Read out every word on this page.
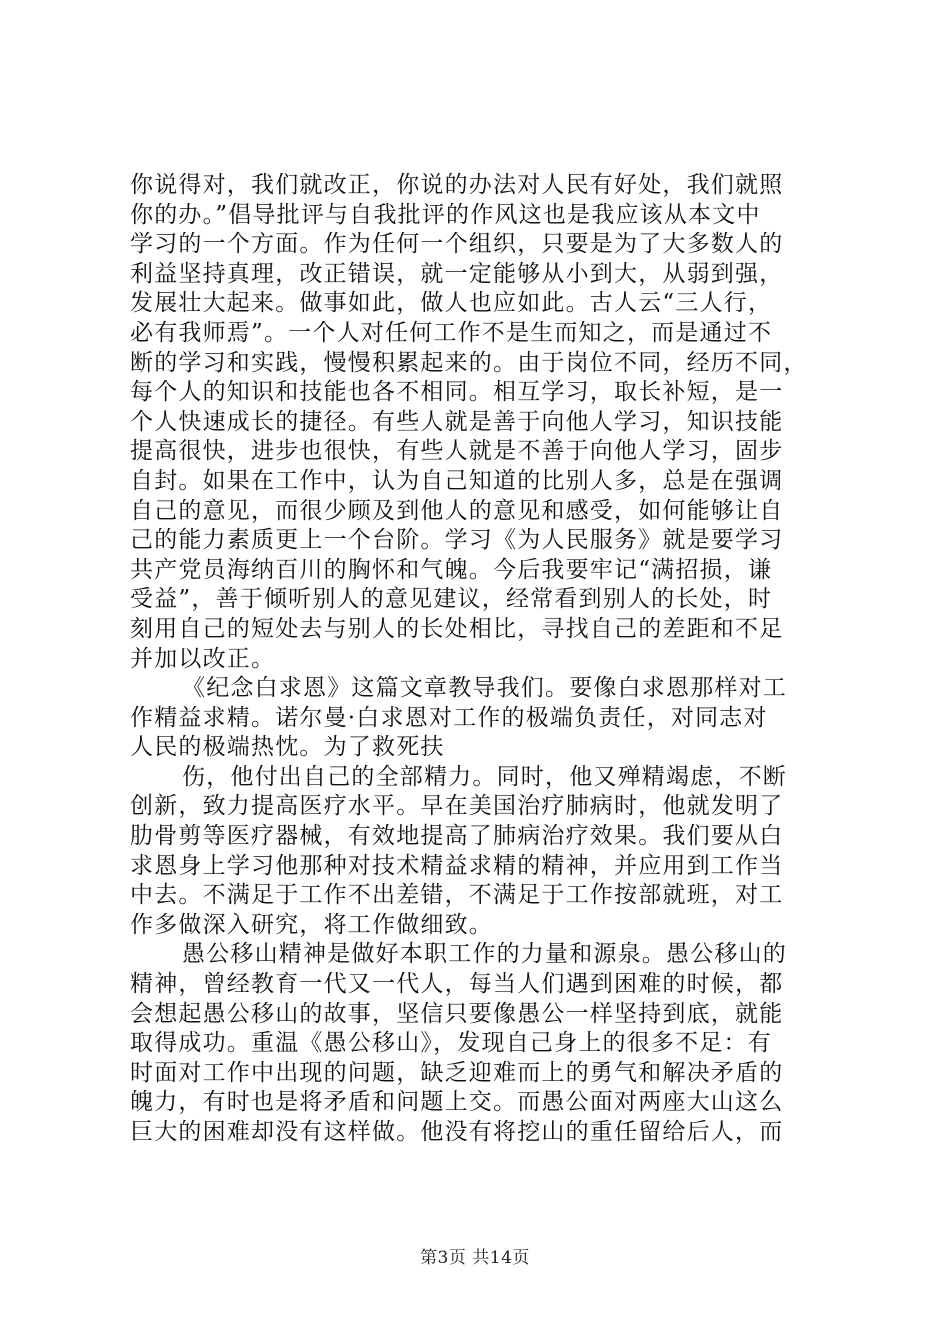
你说得对，我们就改正，你说的办法对人民有好处，我们就照
你的办。”倡导批评与自我批评的作风这也是我应该从本文中
学习的一个方面。作为任何一个组织，只要是为了大多数人的
利益坚持真理，改正错误，就一定能够从小到大，从弱到强，
发展壮大起来。做事如此，做人也应如此。古人云“三人行，
必有我师焉”。一个人对任何工作不是生而知之，而是通过不
断的学习和实践，慢慢积累起来的。由于岗位不同，经历不同，
每个人的知识和技能也各不相同。相互学习，取长补短，是一
个人快速成长的捷径。有些人就是善于向他人学习，知识技能
提高很快，进步也很快，有些人就是不善于向他人学习，固步
自封。如果在工作中，认为自己知道的比别人多，总是在强调
自己的意见，而很少顾及到他人的意见和感受，如何能够让自
己的能力素质更上一个台阶。学习《为人民服务》就是要学习
共产党员海纳百川的胸怀和气魄。今后我要牢记“满招损，谦
受益”，善于倾听别人的意见建议，经常看到别人的长处，时
刻用自己的短处去与别人的长处相比，寻找自己的差距和不足
并加以改正。
《纪念白求恩》这篇文章教导我们。要像白求恩那样对工
作精益求精。诺尔曼·白求恩对工作的极端负责任，对同志对
人民的极端热忱。为了救死扶
伤，他付出自己的全部精力。同时，他又殚精竭虑，不断
创新，致力提高医疗水平。早在美国治疗肺病时，他就发明了
肋骨剪等医疗器械，有效地提高了肺病治疗效果。我们要从白
求恩身上学习他那种对技术精益求精的精神，并应用到工作当
中去。不满足于工作不出差错，不满足于工作按部就班，对工
作多做深入研究，将工作做细致。
愚公移山精神是做好本职工作的力量和源泉。愚公移山的
精神，曾经教育一代又一代人，每当人们遇到困难的时候，都
会想起愚公移山的故事，坚信只要像愚公一样坚持到底，就能
取得成功。重温《愚公移山》，发现自己身上的很多不足：有
时面对工作中出现的问题，缺乏迎难而上的勇气和解决矛盾的
魄力，有时也是将矛盾和问题上交。而愚公面对两座大山这么
巨大的困难却没有这样做。他没有将挖山的重任留给后人，而
第3页 共14页
